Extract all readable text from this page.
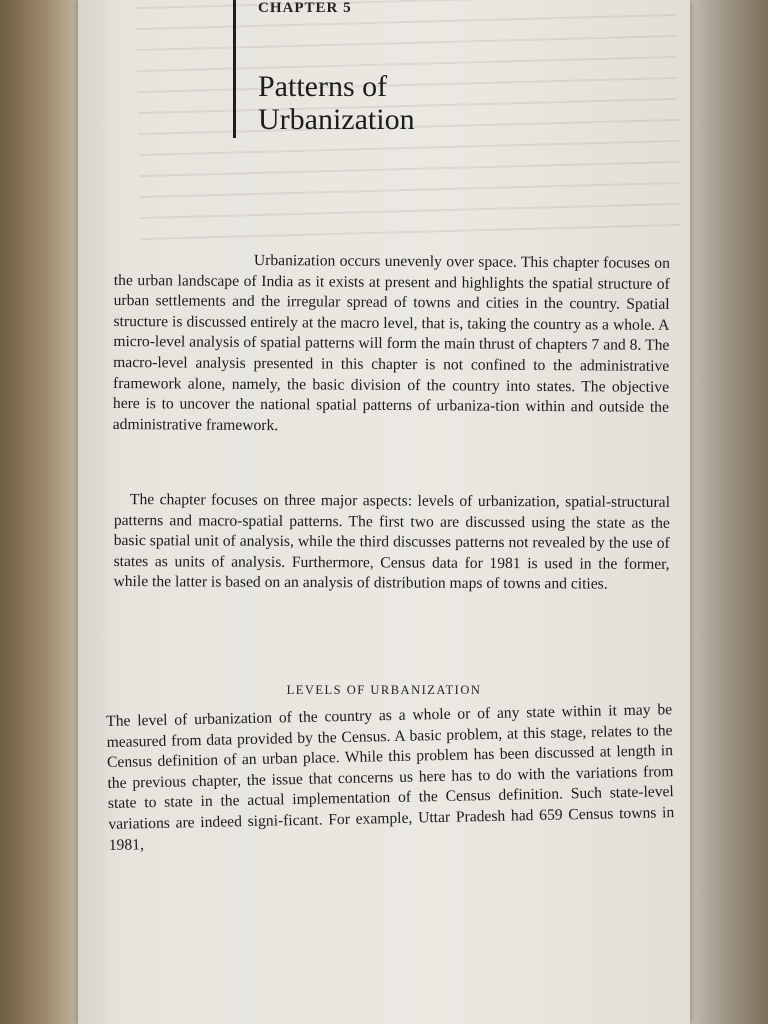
CHAPTER 5
Patterns of
Urbanization

Urbanization occurs unevenly over space. This chapter focuses on the urban landscape of India as it exists at present and highlights the spatial structure of urban settlements and the irregular spread of towns and cities in the country. Spatial structure is discussed entirely at the macro level, that is, taking the country as a whole. A micro-level analysis of spatial patterns will form the main thrust of chapters 7 and 8. The macro-level analysis presented in this chapter is not confined to the administrative framework alone, namely, the basic division of the country into states. The objective here is to uncover the national spatial patterns of urbaniza-tion within and outside the administrative framework.

The chapter focuses on three major aspects: levels of urbanization, spatial-structural patterns and macro-spatial patterns. The first two are discussed using the state as the basic spatial unit of analysis, while the third discusses patterns not revealed by the use of states as units of analysis. Furthermore, Census data for 1981 is used in the former, while the latter is based on an analysis of distribution maps of towns and cities.

LEVELS OF URBANIZATION

The level of urbanization of the country as a whole or of any state within it may be measured from data provided by the Census. A basic problem, at this stage, relates to the Census definition of an urban place. While this problem has been discussed at length in the previous chapter, the issue that concerns us here has to do with the variations from state to state in the actual implementation of the Census definition. Such state-level variations are indeed signi-ficant. For example, Uttar Pradesh had 659 Census towns in 1981,
